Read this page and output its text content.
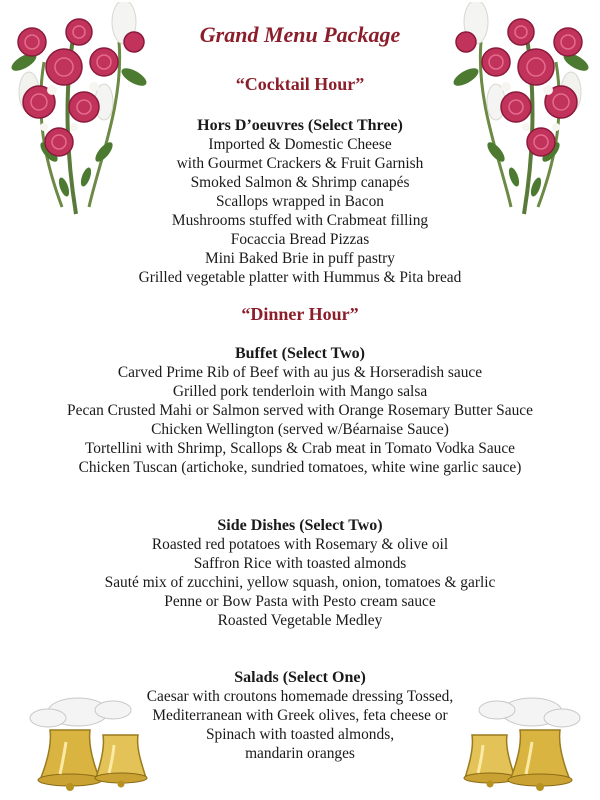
Grand Menu Package
“Cocktail Hour”
Hors D’oeuvres (Select Three)
Imported & Domestic Cheese
with Gourmet Crackers & Fruit Garnish
Smoked Salmon & Shrimp canapés
Scallops wrapped in Bacon
Mushrooms stuffed with Crabmeat filling
Focaccia Bread Pizzas
Mini Baked Brie in puff pastry
Grilled vegetable platter with Hummus & Pita bread
“Dinner Hour”
Buffet (Select Two)
Carved Prime Rib of Beef with au jus & Horseradish sauce
Grilled pork tenderloin with Mango salsa
Pecan Crusted Mahi or Salmon served with Orange Rosemary Butter Sauce
Chicken Wellington (served w/Béarnaise Sauce)
Tortellini with Shrimp, Scallops & Crab meat in Tomato Vodka Sauce
Chicken Tuscan (artichoke, sundried tomatoes, white wine garlic sauce)
Side Dishes (Select Two)
Roasted red potatoes with Rosemary & olive oil
Saffron Rice with toasted almonds
Sauté mix of zucchini, yellow squash, onion, tomatoes & garlic
Penne or Bow Pasta with Pesto cream sauce
Roasted Vegetable Medley
Salads (Select One)
Caesar with croutons homemade dressing Tossed,
Mediterranean with Greek olives, feta cheese or
Spinach with toasted almonds,
mandarin oranges
